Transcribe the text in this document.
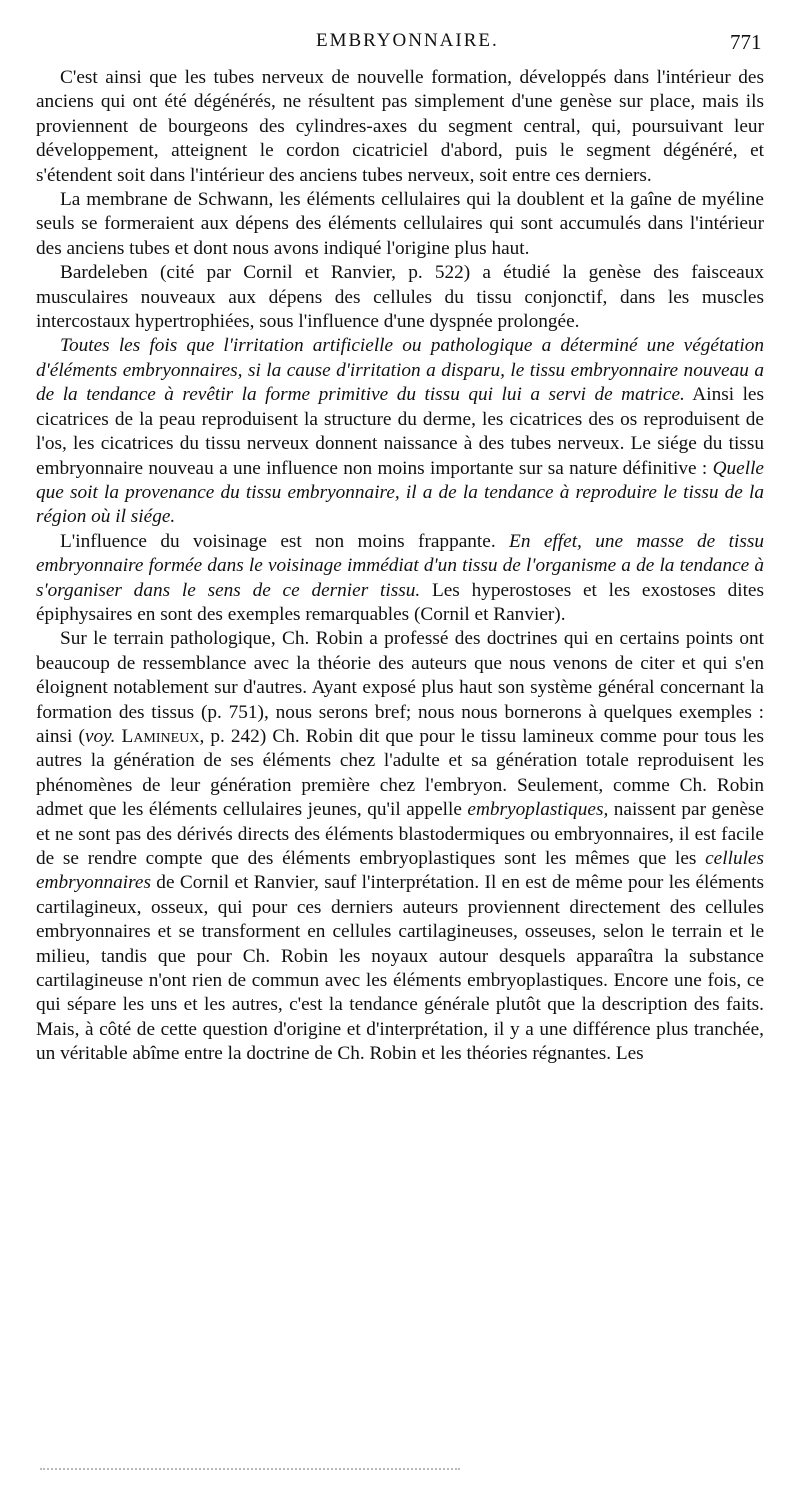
EMBRYONNAIRE.	771

C'est ainsi que les tubes nerveux de nouvelle formation, développés dans l'intérieur des anciens qui ont été dégénérés, ne résultent pas simplement d'une genèse sur place, mais ils proviennent de bourgeons des cylindres-axes du segment central, qui, poursuivant leur développement, atteignent le cordon cicatriciel d'abord, puis le segment dégénéré, et s'étendent soit dans l'intérieur des anciens tubes nerveux, soit entre ces derniers.

La membrane de Schwann, les éléments cellulaires qui la doublent et la gaîne de myéline seuls se formeraient aux dépens des éléments cellulaires qui sont accumulés dans l'intérieur des anciens tubes et dont nous avons indiqué l'origine plus haut.

Bardeleben (cité par Cornil et Ranvier, p. 522) a étudié la genèse des faisceaux musculaires nouveaux aux dépens des cellules du tissu conjonctif, dans les muscles intercostaux hypertrophiées, sous l'influence d'une dyspnée prolongée.

Toutes les fois que l'irritation artificielle ou pathologique a déterminé une végétation d'éléments embryonnaires, si la cause d'irritation a disparu, le tissu embryonnaire nouveau a de la tendance à revêtir la forme primitive du tissu qui lui a servi de matrice. Ainsi les cicatrices de la peau reproduisent la structure du derme, les cicatrices des os reproduisent de l'os, les cicatrices du tissu nerveux donnent naissance à des tubes nerveux. Le siége du tissu embryonnaire nouveau a une influence non moins importante sur sa nature définitive : Quelle que soit la provenance du tissu embryonnaire, il a de la tendance à reproduire le tissu de la région où il siége.

L'influence du voisinage est non moins frappante. En effet, une masse de tissu embryonnaire formée dans le voisinage immédiat d'un tissu de l'organisme a de la tendance à s'organiser dans le sens de ce dernier tissu. Les hyperostoses et les exostoses dites épiphysaires en sont des exemples remarquables (Cornil et Ranvier).

Sur le terrain pathologique, Ch. Robin a professé des doctrines qui en certains points ont beaucoup de ressemblance avec la théorie des auteurs que nous venons de citer et qui s'en éloignent notablement sur d'autres. Ayant exposé plus haut son système général concernant la formation des tissus (p. 751), nous serons bref; nous nous bornerons à quelques exemples : ainsi (voy. Lamineux, p. 242) Ch. Robin dit que pour le tissu lamineux comme pour tous les autres la génération de ses éléments chez l'adulte et sa génération totale reproduisent les phénomènes de leur génération première chez l'embryon. Seulement, comme Ch. Robin admet que les éléments cellulaires jeunes, qu'il appelle embryoplastiques, naissent par genèse et ne sont pas des dérivés directs des éléments blastodermiques ou embryonnaires, il est facile de se rendre compte que des éléments embryoplastiques sont les mêmes que les cellules embryonnaires de Cornil et Ranvier, sauf l'interprétation. Il en est de même pour les éléments cartilagineux, osseux, qui pour ces derniers auteurs proviennent directement des cellules embryonnaires et se transforment en cellules cartilagineuses, osseuses, selon le terrain et le milieu, tandis que pour Ch. Robin les noyaux autour desquels apparaîtra la substance cartilagineuse n'ont rien de commun avec les éléments embryoplastiques. Encore une fois, ce qui sépare les uns et les autres, c'est la tendance générale plutôt que la description des faits. Mais, à côté de cette question d'origine et d'interprétation, il y a une différence plus tranchée, un véritable abîme entre la doctrine de Ch. Robin et les théories régnantes. Les
